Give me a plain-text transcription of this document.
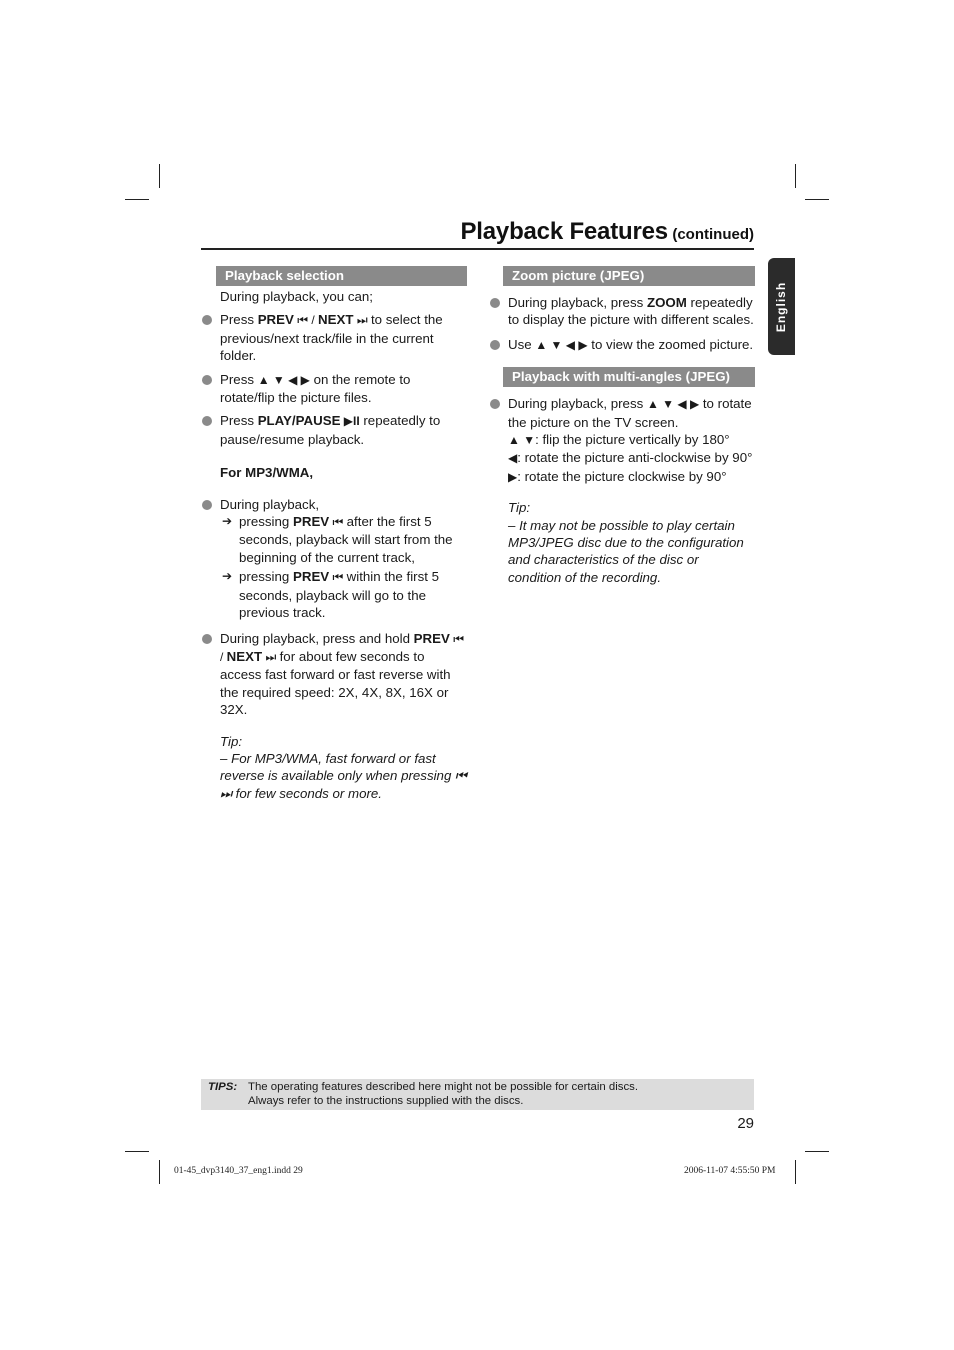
Playback Features (continued)
English
Playback selection
During playback, you can;
Press PREV ⏮ / NEXT ⏭ to select the previous/next track/file in the current folder.
Press ▲ ▼ ◀ ▶ on the remote to rotate/flip the picture files.
Press PLAY/PAUSE ▶II repeatedly to pause/resume playback.
For MP3/WMA,
During playback,
➔ pressing PREV ⏮ after the first 5 seconds, playback will start from the beginning of the current track,
➔ pressing PREV ⏮ within the first 5 seconds, playback will go to the previous track.
During playback, press and hold PREV ⏮ / NEXT ⏭ for about few seconds to access fast forward or fast reverse with the required speed: 2X, 4X, 8X, 16X or 32X.
Tip:
– For MP3/WMA, fast forward or fast reverse is available only when pressing ⏮ ⏭ for few seconds or more.
Zoom picture (JPEG)
During playback, press ZOOM repeatedly to display the picture with different scales.
Use ▲ ▼ ◀ ▶ to view the zoomed picture.
Playback with multi-angles (JPEG)
During playback, press ▲ ▼ ◀ ▶ to rotate the picture on the TV screen.
▲ ▼: flip the picture vertically by 180°
◀: rotate the picture anti-clockwise by 90°
▶: rotate the picture clockwise by 90°
Tip:
– It may not be possible to play certain MP3/JPEG disc due to the configuration and characteristics of the disc or condition of the recording.
TIPS: The operating features described here might not be possible for certain discs.
Always refer to the instructions supplied with the discs.
29
01-45_dvp3140_37_eng1.indd 29	2006-11-07 4:55:50 PM
